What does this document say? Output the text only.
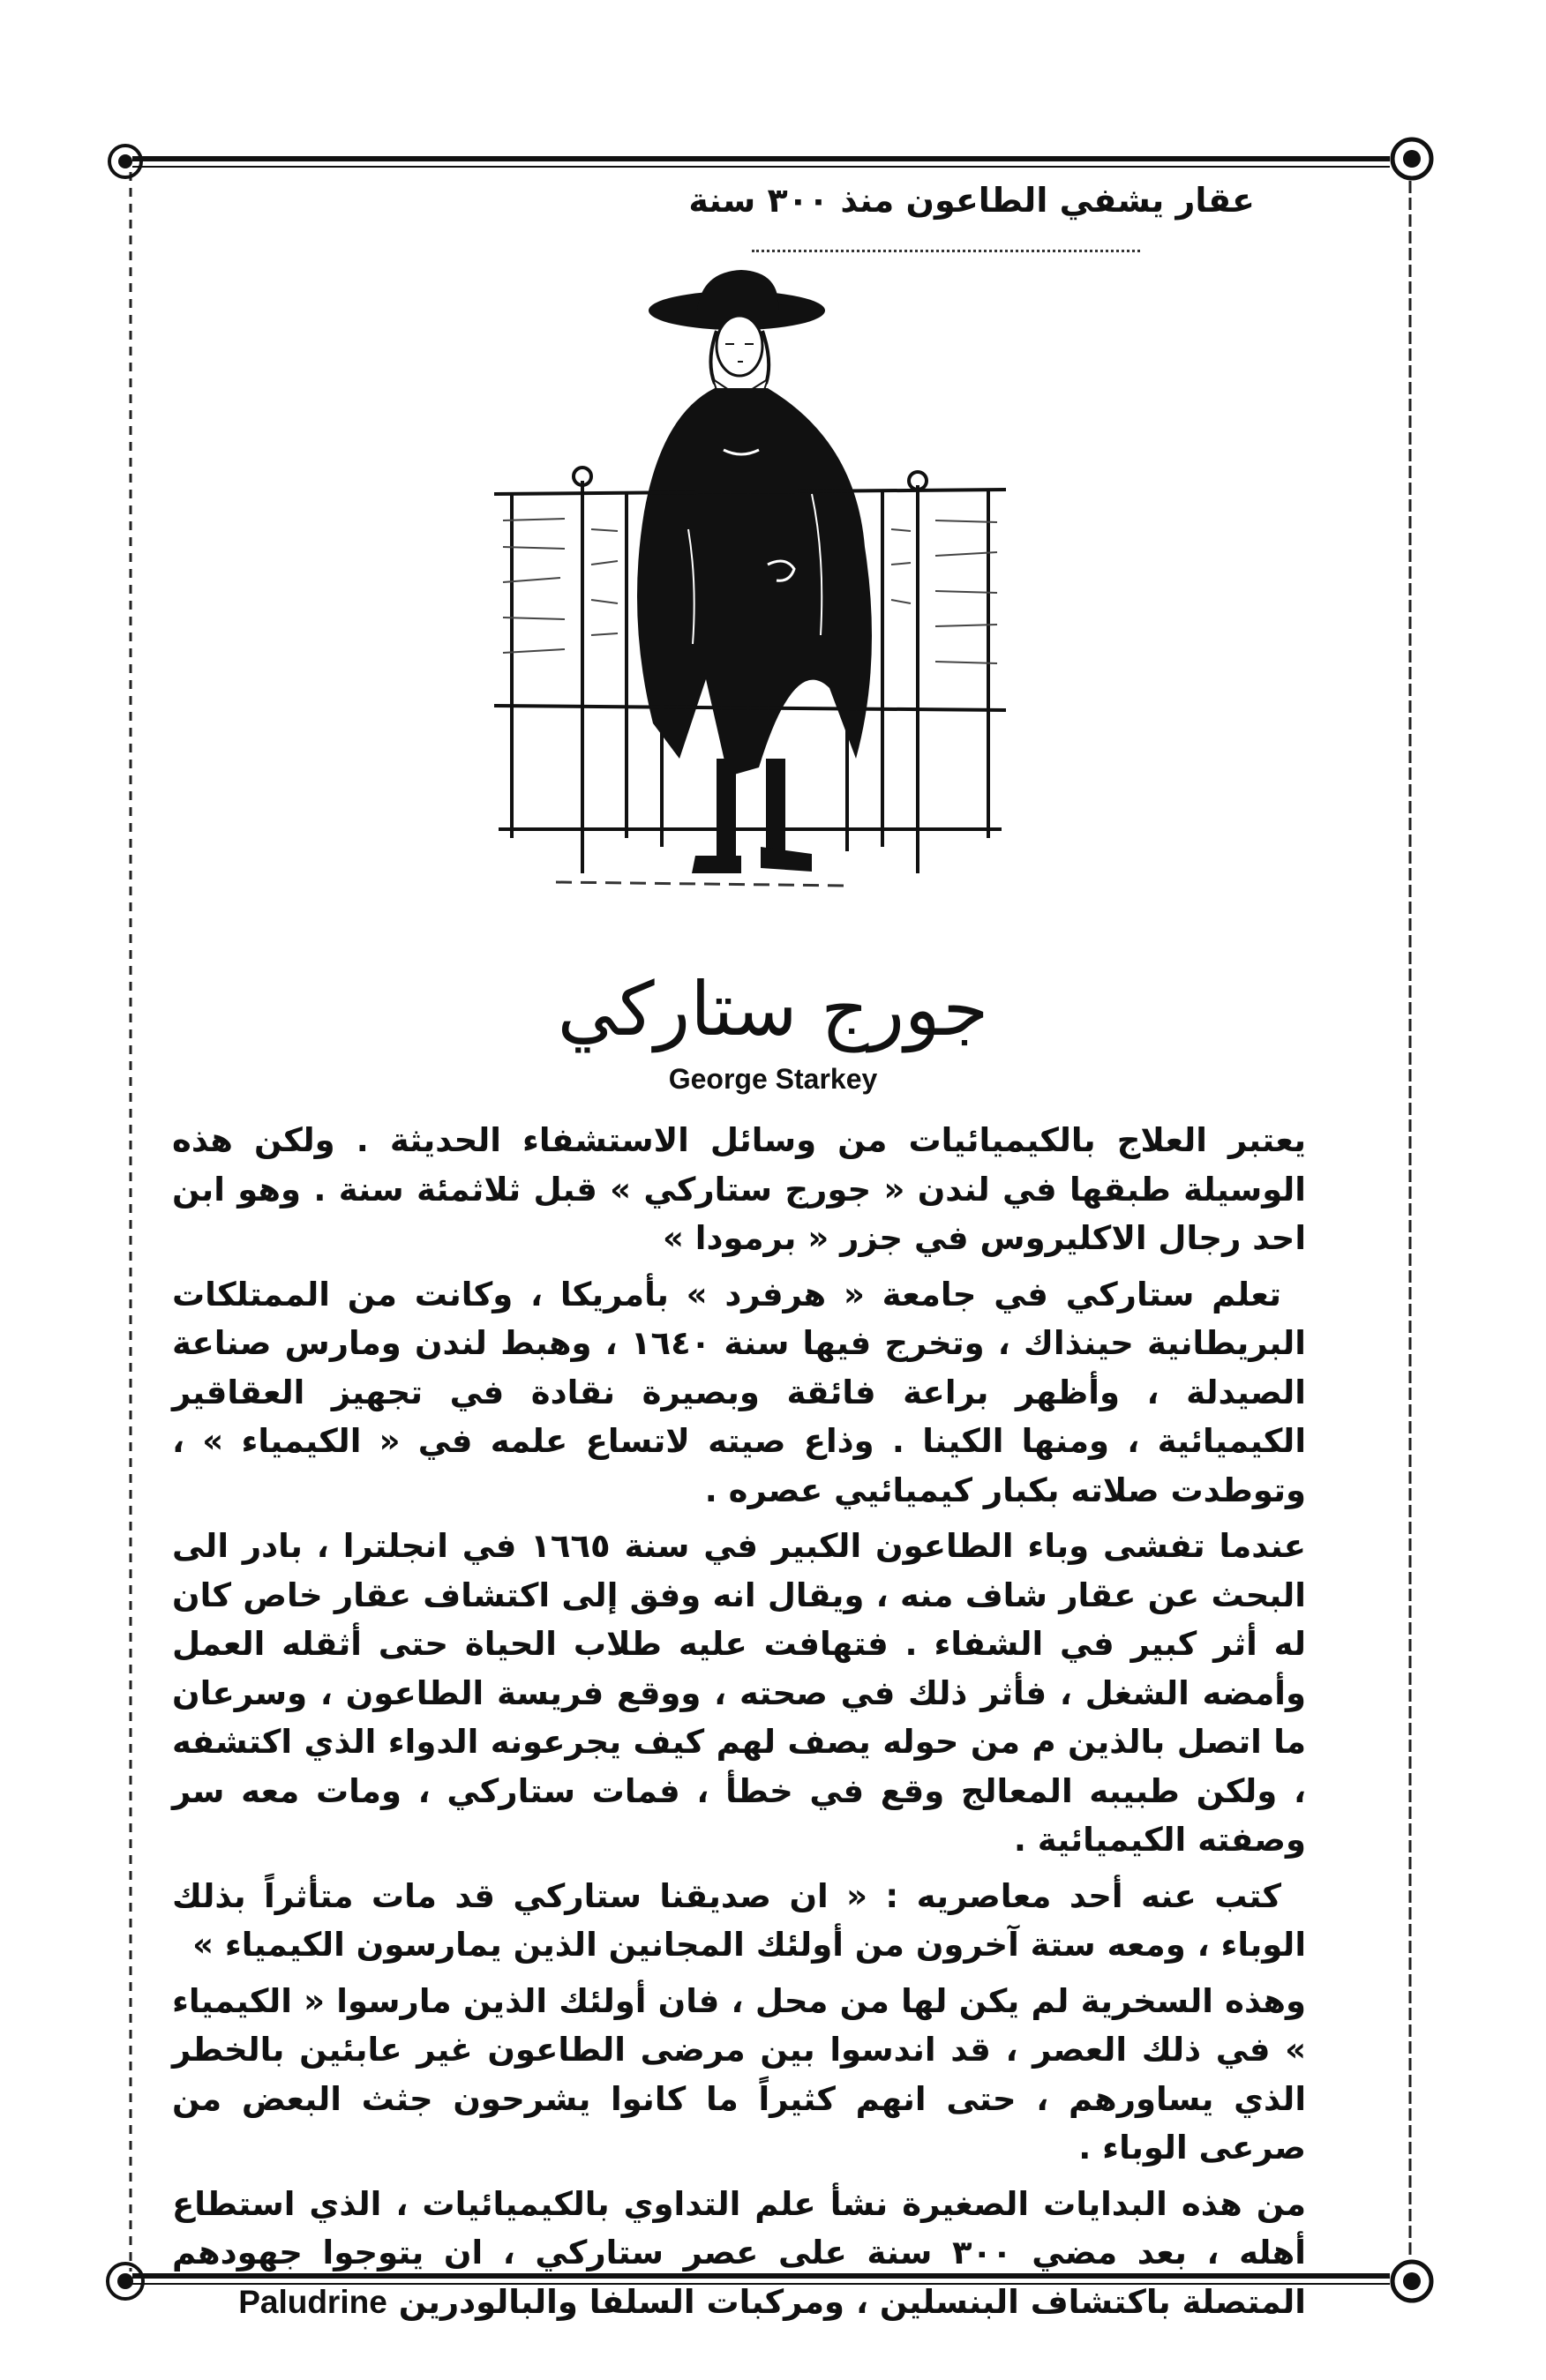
عقار يشفي الطاعون منذ ٣٠٠ سنة
جورج ستاركي
George Starkey

يعتبر العلاج بالكيميائيات من وسائل الاستشفاء الحديثة . ولكن هذه الوسيلة طبقها في لندن « جورج ستاركي » قبل ثلاثمئة سنة . وهو ابن احد رجال الاكليروس في جزر « برمودا »

تعلم ستاركي في جامعة « هرفرد » بأمريكا ، وكانت من الممتلكات البريطانية حينذاك ، وتخرج فيها سنة ١٦٤٠ ، وهبط لندن ومارس صناعة الصيدلة ، وأظهر براعة فائقة وبصيرة نقادة في تجهيز العقاقير الكيميائية ، ومنها الكينا . وذاع صيته لاتساع علمه في « الكيمياء » ، وتوطدت صلاته بكبار كيميائيي عصره .

عندما تفشى وباء الطاعون الكبير في سنة ١٦٦٥ في انجلترا ، بادر الى البحث عن عقار شاف منه ، ويقال انه وفق إلى اكتشاف عقار خاص كان له أثر كبير في الشفاء . فتهافت عليه طلاب الحياة حتى أثقله العمل وأمضه الشغل ، فأثر ذلك في صحته ، ووقع فريسة الطاعون ، وسرعان ما اتصل بالذين م من حوله يصف لهم كيف يجرعونه الدواء الذي اكتشفه ، ولكن طبيبه المعالج وقع في خطأ ، فمات ستاركي ، ومات معه سر وصفته الكيميائية .

كتب عنه أحد معاصريه : « ان صديقنا ستاركي قد مات متأثراً بذلك الوباء ، ومعه ستة آخرون من أولئك المجانين الذين يمارسون الكيمياء »

وهذه السخرية لم يكن لها من محل ، فان أولئك الذين مارسوا « الكيمياء » في ذلك العصر ، قد اندسوا بين مرضى الطاعون غير عابئين بالخطر الذي يساورهم ، حتى انهم كثيراً ما كانوا يشرحون جثث البعض من صرعى الوباء .

من هذه البدايات الصغيرة نشأ علم التداوي بالكيميائيات ، الذي استطاع أهله ، بعد مضي ٣٠٠ سنة على عصر ستاركي ، ان يتوجوا جهودهم المتصلة باكتشاف البنسلين ، ومركبات السلفا والبالودرين Paludrine
